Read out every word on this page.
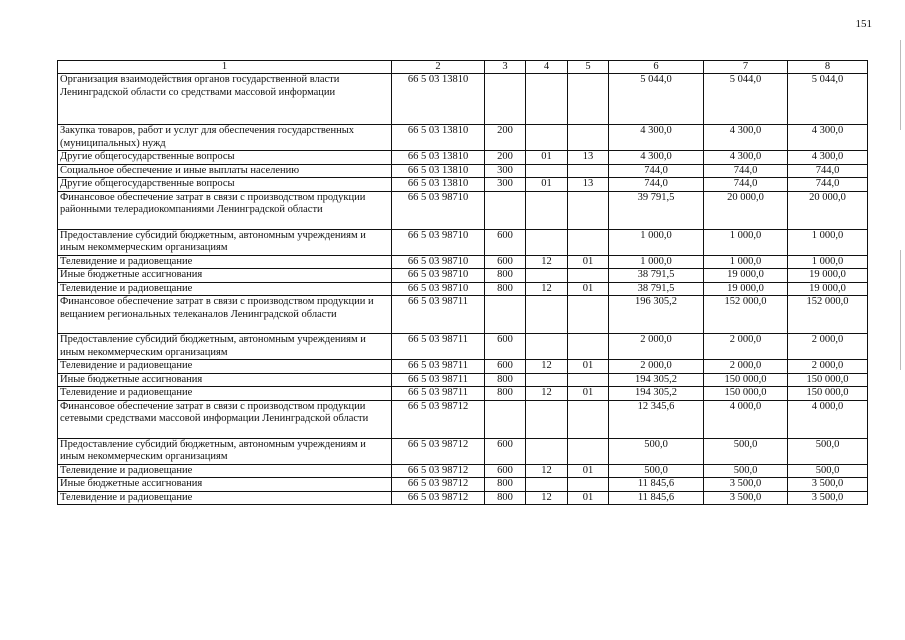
151
1	2	3	4	5	6	7	8
Организация взаимодействия органов государственной власти Ленинградской области со средствами массовой информации	66 5 03 13810				5 044,0	5 044,0	5 044,0
Закупка товаров, работ и услуг для обеспечения государственных (муниципальных) нужд	66 5 03 13810	200			4 300,0	4 300,0	4 300,0
Другие общегосударственные вопросы	66 5 03 13810	200	01	13	4 300,0	4 300,0	4 300,0
Социальное обеспечение и иные выплаты населению	66 5 03 13810	300			744,0	744,0	744,0
Другие общегосударственные вопросы	66 5 03 13810	300	01	13	744,0	744,0	744,0
Финансовое обеспечение затрат в связи с производством продукции районными телерадиокомпаниями Ленинградской области	66 5 03 98710				39 791,5	20 000,0	20 000,0
Предоставление субсидий бюджетным, автономным учреждениям и иным некоммерческим организациям	66 5 03 98710	600			1 000,0	1 000,0	1 000,0
Телевидение и радиовещание	66 5 03 98710	600	12	01	1 000,0	1 000,0	1 000,0
Иные бюджетные ассигнования	66 5 03 98710	800			38 791,5	19 000,0	19 000,0
Телевидение и радиовещание	66 5 03 98710	800	12	01	38 791,5	19 000,0	19 000,0
Финансовое обеспечение затрат в связи с производством продукции и вещанием региональных телеканалов Ленинградской области	66 5 03 98711				196 305,2	152 000,0	152 000,0
Предоставление субсидий бюджетным, автономным учреждениям и иным некоммерческим организациям	66 5 03 98711	600			2 000,0	2 000,0	2 000,0
Телевидение и радиовещание	66 5 03 98711	600	12	01	2 000,0	2 000,0	2 000,0
Иные бюджетные ассигнования	66 5 03 98711	800			194 305,2	150 000,0	150 000,0
Телевидение и радиовещание	66 5 03 98711	800	12	01	194 305,2	150 000,0	150 000,0
Финансовое обеспечение затрат в связи с производством продукции сетевыми средствами массовой информации Ленинградской области	66 5 03 98712				12 345,6	4 000,0	4 000,0
Предоставление субсидий бюджетным, автономным учреждениям и иным некоммерческим организациям	66 5 03 98712	600			500,0	500,0	500,0
Телевидение и радиовещание	66 5 03 98712	600	12	01	500,0	500,0	500,0
Иные бюджетные ассигнования	66 5 03 98712	800			11 845,6	3 500,0	3 500,0
Телевидение и радиовещание	66 5 03 98712	800	12	01	11 845,6	3 500,0	3 500,0
